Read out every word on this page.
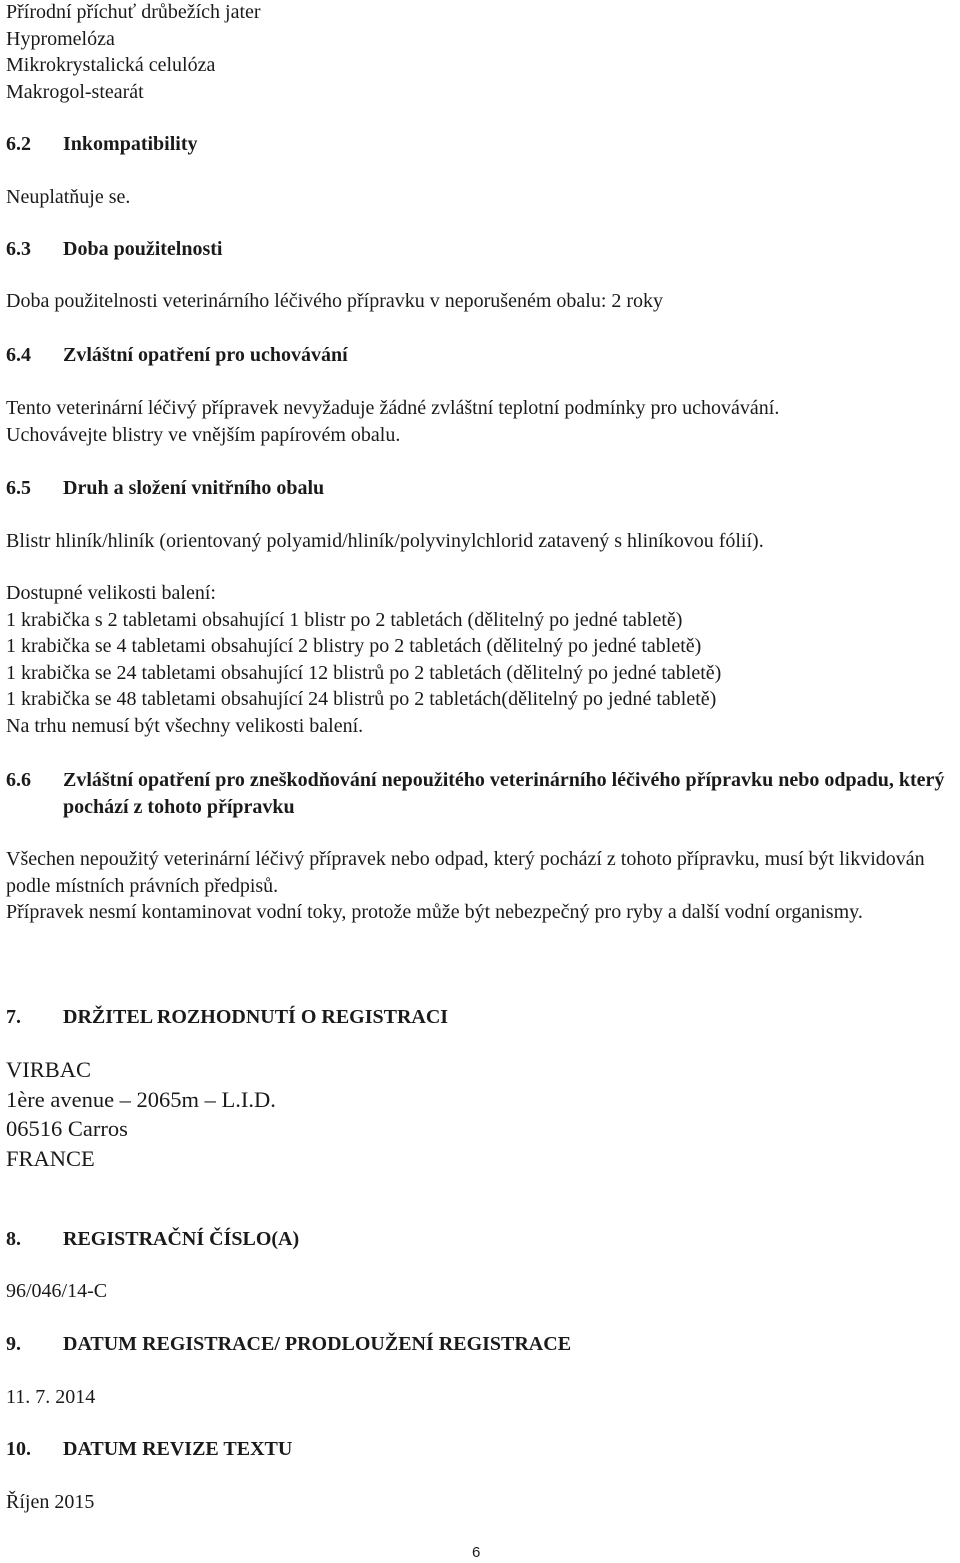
Přírodní příchuť drůbežích jater

Hypromelóza

Mikrokrystalická celulóza

Makrogol-stearát

6.2	Inkompatibility

Neuplatňuje se.

6.3	Doba použitelnosti

Doba použitelnosti veterinárního léčivého přípravku v neporušeném obalu: 2 roky

6.4	Zvláštní opatření pro uchovávání

Tento veterinární léčivý přípravek nevyžaduje žádné zvláštní teplotní podmínky pro uchovávání.

Uchovávejte blistry ve vnějším papírovém obalu.

6.5	Druh a složení vnitřního obalu

Blistr hliník/hliník (orientovaný polyamid/hliník/polyvinylchlorid zatavený s hliníkovou fólií).

Dostupné velikosti balení:

1 krabička s 2 tabletami obsahující 1 blistr po 2 tabletách (dělitelný po jedné tabletě)

1 krabička se 4 tabletami obsahující 2 blistry po 2 tabletách (dělitelný po jedné tabletě)

1 krabička se 24 tabletami obsahující 12 blistrů po 2 tabletách (dělitelný po jedné tabletě)

1 krabička se 48 tabletami obsahující 24 blistrů po 2 tabletách(dělitelný po jedné tabletě)

Na trhu nemusí být všechny velikosti balení.

6.6	Zvláštní opatření pro zneškodňování nepoužitého veterinárního léčivého přípravku nebo odpadu, který pochází z tohoto přípravku

Všechen nepoužitý veterinární léčivý přípravek nebo odpad, který pochází z tohoto přípravku, musí být likvidován podle místních právních předpisů.

Přípravek nesmí kontaminovat vodní toky, protože může být nebezpečný pro ryby a další vodní organismy.

7.	DRŽITEL ROZHODNUTÍ O REGISTRACI

VIRBAC

1ère avenue – 2065m – L.I.D.

06516 Carros

FRANCE

8.	REGISTRAČNÍ ČÍSLO(A)

96/046/14-C

9.	DATUM REGISTRACE/ PRODLOUŽENÍ REGISTRACE

11. 7. 2014

10.	DATUM REVIZE TEXTU

Říjen 2015

6
